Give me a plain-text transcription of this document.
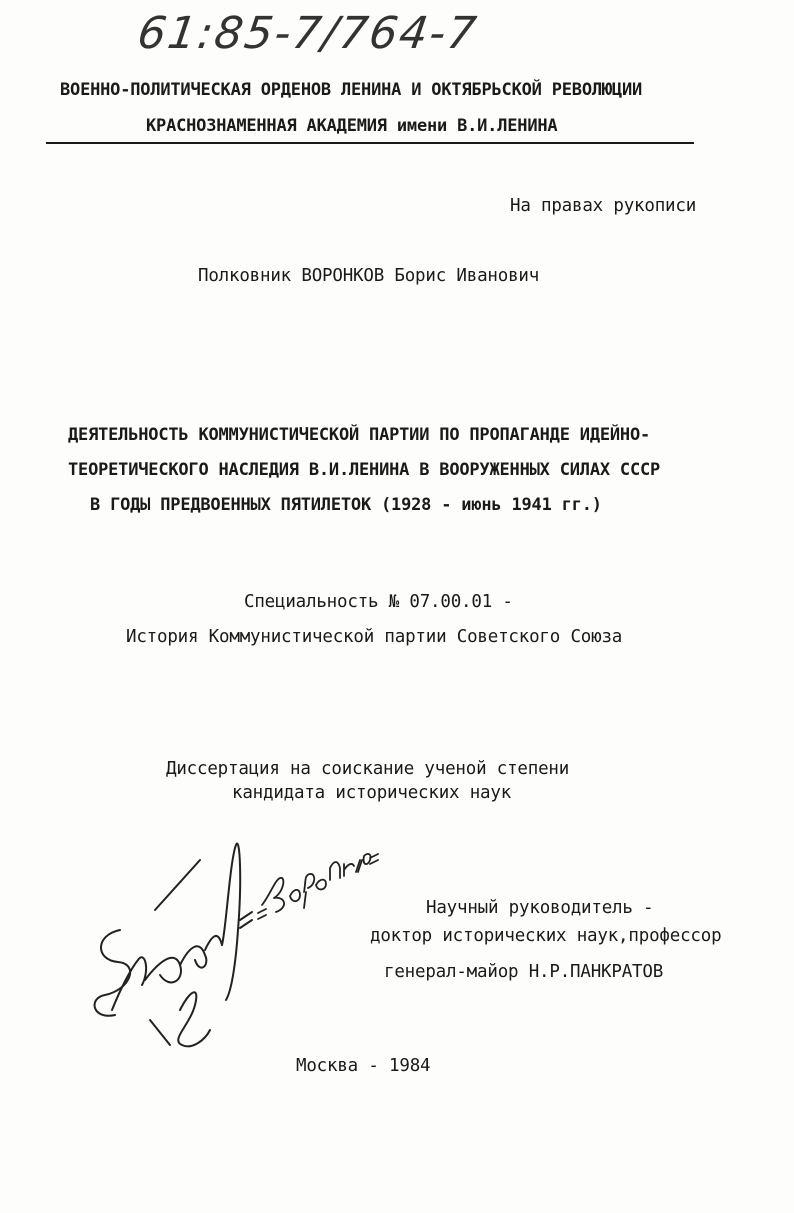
61:85-7/764-7
ВОЕННО-ПОЛИТИЧЕСКАЯ ОРДЕНОВ ЛЕНИНА И ОКТЯБРЬСКОЙ РЕВОЛЮЦИИ
КРАСНОЗНАМЕННАЯ АКАДЕМИЯ имени В.И.ЛЕНИНА
На правах рукописи
Полковник ВОРОНКОВ Борис Иванович
ДЕЯТЕЛЬНОСТЬ КОММУНИСТИЧЕСКОЙ ПАРТИИ ПО ПРОПАГАНДЕ ИДЕЙНО-
ТЕОРЕТИЧЕСКОГО НАСЛЕДИЯ В.И.ЛЕНИНА В ВООРУЖЕННЫХ СИЛАХ СССР
В ГОДЫ ПРЕДВОЕННЫХ ПЯТИЛЕТОК (1928 - июнь 1941 гг.)
Специальность № 07.00.01 -
История Коммунистической партии Советского Союза
Диссертация на соискание ученой степени
кандидата исторических наук
Научный руководитель -
доктор исторических наук,профессор
генерал-майор Н.Р.ПАНКРАТОВ
Москва - 1984
